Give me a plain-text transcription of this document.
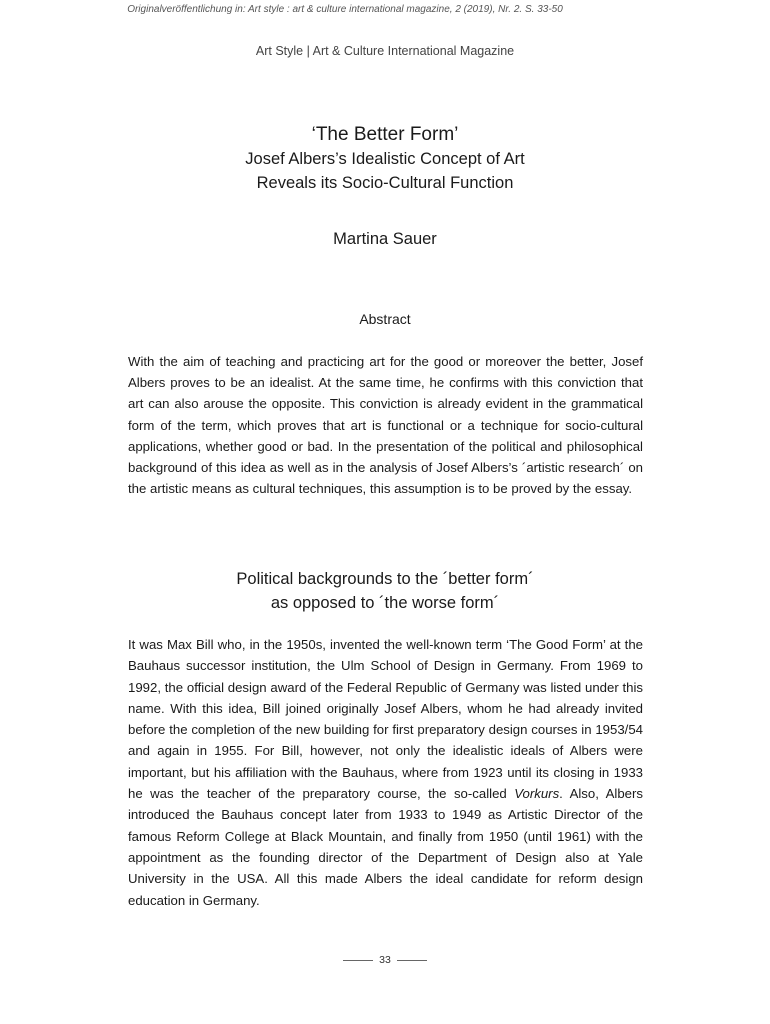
Originalveröffentlichung in: Art style : art & culture international magazine, 2 (2019), Nr. 2. S. 33-50
Art Style | Art & Culture International Magazine
‘The Better Form’
Josef Albers’s Idealistic Concept of Art
Reveals its Socio-Cultural Function
Martina Sauer
Abstract

With the aim of teaching and practicing art for the good or moreover the better, Josef Albers proves to be an idealist. At the same time, he confirms with this conviction that art can also arouse the opposite. This conviction is already evident in the grammatical form of the term, which proves that art is functional or a technique for socio-cultural applications, whether good or bad. In the presentation of the political and philosophical background of this idea as well as in the analysis of Josef Albers’s ´artistic research´ on the artistic means as cultural techniques, this assumption is to be proved by the essay.

Political backgrounds to the ´better form´
as opposed to ´the worse form´

It was Max Bill who, in the 1950s, invented the well-known term ‘The Good Form’ at the Bauhaus successor institution, the Ulm School of Design in Germany. From 1969 to 1992, the official design award of the Federal Republic of Germany was listed under this name. With this idea, Bill joined originally Josef Albers, whom he had already invited before the completion of the new building for first preparatory design courses in 1953/54 and again in 1955. For Bill, however, not only the idealistic ideals of Albers were important, but his affiliation with the Bauhaus, where from 1923 until its closing in 1933 he was the teacher of the preparatory course, the so-called Vorkurs. Also, Albers introduced the Bauhaus concept later from 1933 to 1949 as Artistic Director of the famous Reform College at Black Mountain, and finally from 1950 (until 1961) with the appointment as the founding director of the Department of Design also at Yale University in the USA. All this made Albers the ideal candidate for reform design education in Germany.

33
